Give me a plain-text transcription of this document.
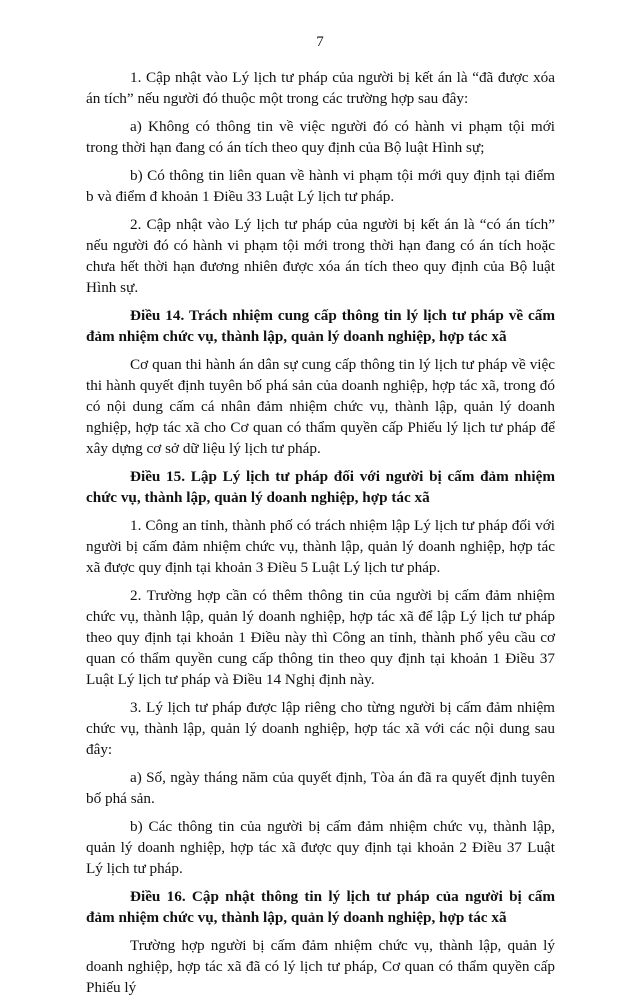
7

1. Cập nhật vào Lý lịch tư pháp của người bị kết án là “đã được xóa án tích” nếu người đó thuộc một trong các trường hợp sau đây:

a) Không có thông tin về việc người đó có hành vi phạm tội mới trong thời hạn đang có án tích theo quy định của Bộ luật Hình sự;

b) Có thông tin liên quan về hành vi phạm tội mới quy định tại điểm b và điểm đ khoản 1 Điều 33 Luật Lý lịch tư pháp.

2. Cập nhật vào Lý lịch tư pháp của người bị kết án là “có án tích” nếu người đó có hành vi phạm tội mới trong thời hạn đang có án tích hoặc chưa hết thời hạn đương nhiên được xóa án tích theo quy định của Bộ luật Hình sự.

Điều 14. Trách nhiệm cung cấp thông tin lý lịch tư pháp về cấm đảm nhiệm chức vụ, thành lập, quản lý doanh nghiệp, hợp tác xã

Cơ quan thi hành án dân sự cung cấp thông tin lý lịch tư pháp về việc thi hành quyết định tuyên bố phá sản của doanh nghiệp, hợp tác xã, trong đó có nội dung cấm cá nhân đảm nhiệm chức vụ, thành lập, quản lý doanh nghiệp, hợp tác xã cho Cơ quan có thẩm quyền cấp Phiếu lý lịch tư pháp để xây dựng cơ sở dữ liệu lý lịch tư pháp.

Điều 15. Lập Lý lịch tư pháp đối với người bị cấm đảm nhiệm chức vụ, thành lập, quản lý doanh nghiệp, hợp tác xã

1. Công an tỉnh, thành phố có trách nhiệm lập Lý lịch tư pháp đối với người bị cấm đảm nhiệm chức vụ, thành lập, quản lý doanh nghiệp, hợp tác xã được quy định tại khoản 3 Điều 5 Luật Lý lịch tư pháp.

2. Trường hợp cần có thêm thông tin của người bị cấm đảm nhiệm chức vụ, thành lập, quản lý doanh nghiệp, hợp tác xã để lập Lý lịch tư pháp theo quy định tại khoản 1 Điều này thì Công an tỉnh, thành phố yêu cầu cơ quan có thẩm quyền cung cấp thông tin theo quy định tại khoản 1 Điều 37 Luật Lý lịch tư pháp và Điều 14 Nghị định này.

3. Lý lịch tư pháp được lập riêng cho từng người bị cấm đảm nhiệm chức vụ, thành lập, quản lý doanh nghiệp, hợp tác xã với các nội dung sau đây:

a) Số, ngày tháng năm của quyết định, Tòa án đã ra quyết định tuyên bố phá sản.

b) Các thông tin của người bị cấm đảm nhiệm chức vụ, thành lập, quản lý doanh nghiệp, hợp tác xã được quy định tại khoản 2 Điều 37 Luật Lý lịch tư pháp.

Điều 16. Cập nhật thông tin lý lịch tư pháp của người bị cấm đảm nhiệm chức vụ, thành lập, quản lý doanh nghiệp, hợp tác xã

Trường hợp người bị cấm đảm nhiệm chức vụ, thành lập, quản lý doanh nghiệp, hợp tác xã đã có lý lịch tư pháp, Cơ quan có thẩm quyền cấp Phiếu lý
